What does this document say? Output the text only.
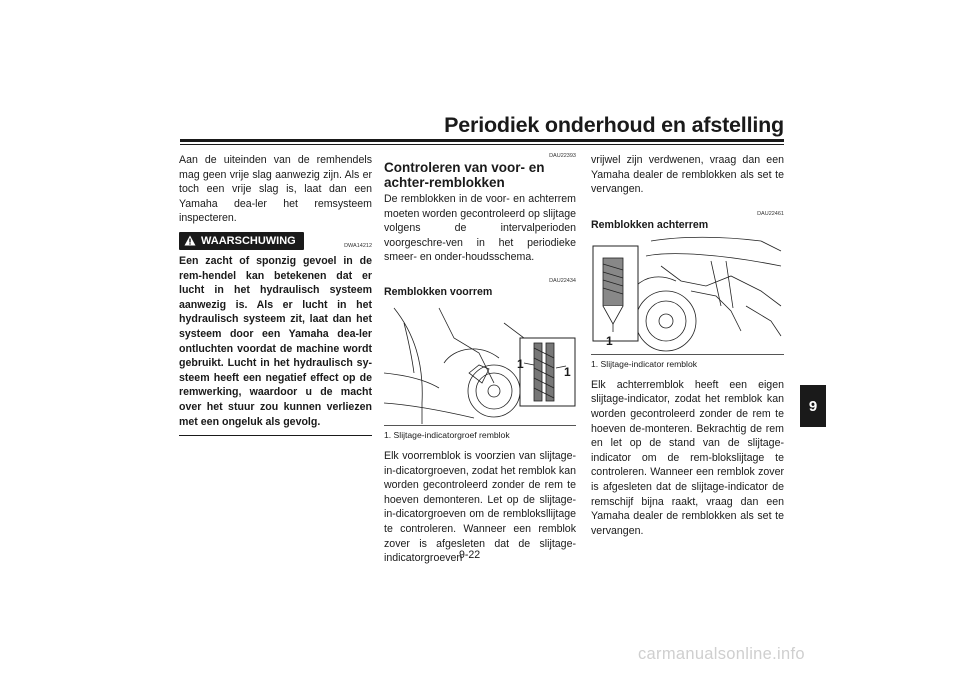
Periodiek onderhoud en afstelling
9

Aan de uiteinden van de remhendels mag geen vrije slag aanwezig zijn. Als er toch een vrije slag is, laat dan een Yamaha dea-ler het remsysteem inspecteren.

WAARSCHUWING	DWA14212

Een zacht of sponzig gevoel in de rem-hendel kan betekenen dat er lucht in het hydraulisch systeem aanwezig is. Als er lucht in het hydraulisch systeem zit, laat dan het systeem door een Yamaha dea-ler ontluchten voordat de machine wordt gebruikt. Lucht in het hydraulisch sy-steem heeft een negatief effect op de remwerking, waardoor u de macht over het stuur zou kunnen verliezen met een ongeluk als gevolg.

DAU22393

Controleren van voor- en achter-remblokken

De remblokken in de voor- en achterrem moeten worden gecontroleerd op slijtage volgens de intervalperioden voorgeschre-ven in het periodieke smeer- en onder-houdsschema.

DAU22434

Remblokken voorrem

1
1

1. Slijtage-indicatorgroef remblok

Elk voorremblok is voorzien van slijtage-in-dicatorgroeven, zodat het remblok kan worden gecontroleerd zonder de rem te hoeven demonteren. Let op de slijtage-in-dicatorgroeven om de rembloksllijtage te controleren. Wanneer een remblok zover is afgesleten dat de slijtage-indicatorgroeven

vrijwel zijn verdwenen, vraag dan een Yamaha dealer de remblokken als set te vervangen.

DAU22461

Remblokken achterrem

1

1. Slijtage-indicator remblok

Elk achterremblok heeft een eigen slijtage-indicator, zodat het remblok kan worden gecontroleerd zonder de rem te hoeven de-monteren. Bekrachtig de rem en let op de stand van de slijtage-indicator om de rem-blokslijtage te controleren. Wanneer een remblok zover is afgesleten dat de slijtage-indicator de remschijf bijna raakt, vraag dan een Yamaha dealer de remblokken als set te vervangen.

9-22
carmanualsonline.info
